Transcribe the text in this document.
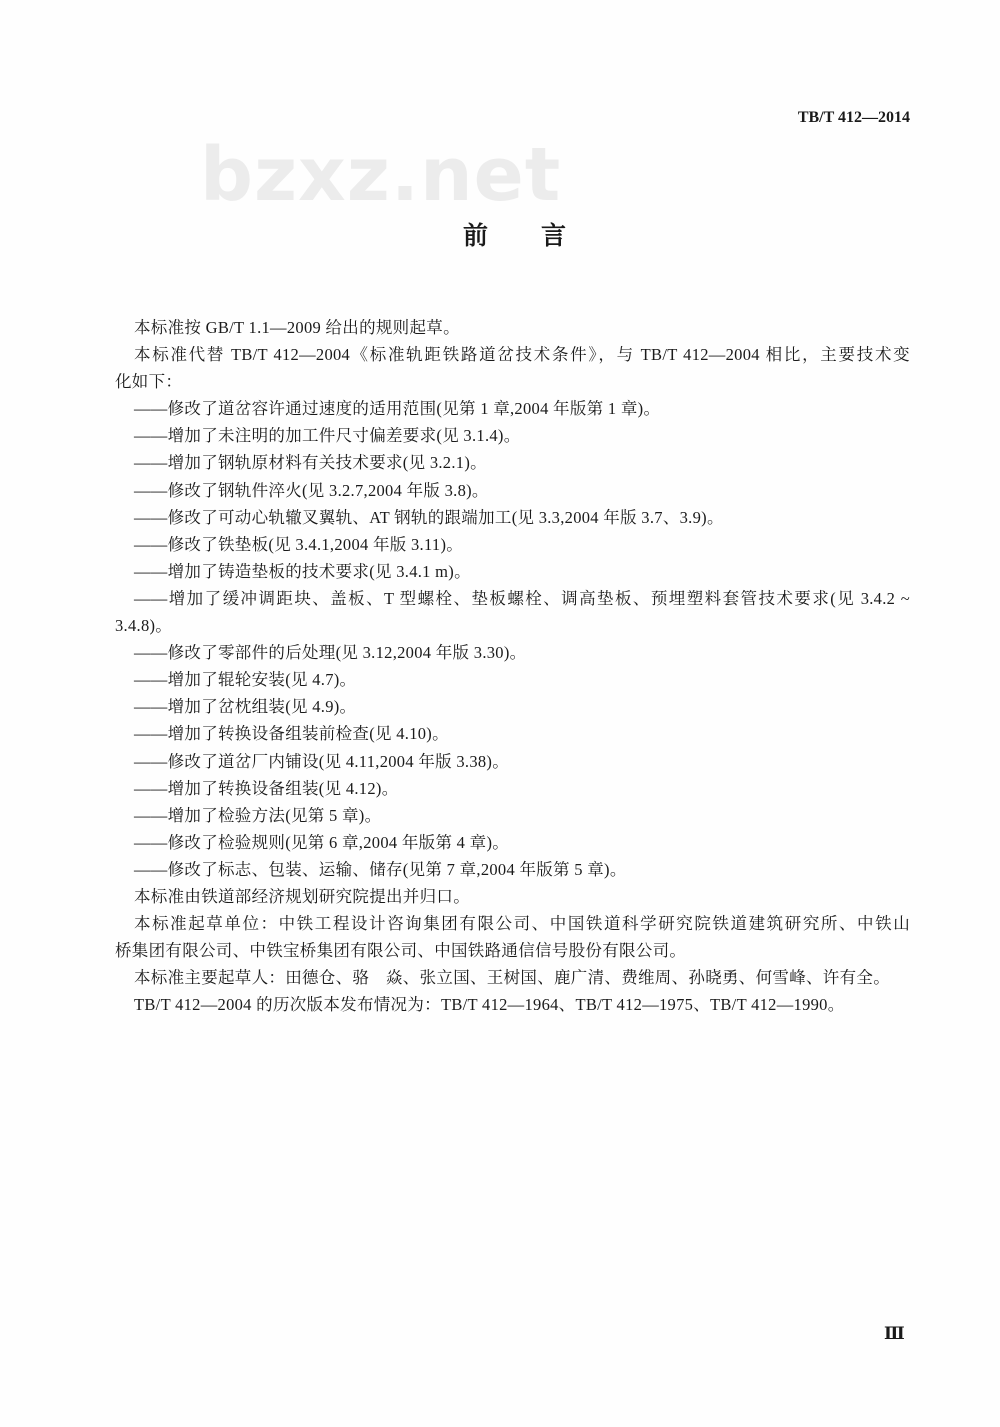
TB/T 412—2014
bzxz.net
前　言
本标准按 GB/T 1.1—2009 给出的规则起草。
本标准代替 TB/T 412—2004《标准轨距铁路道岔技术条件》，与 TB/T 412—2004 相比，主要技术变
化如下：
——修改了道岔容许通过速度的适用范围(见第 1 章,2004 年版第 1 章)。
——增加了未注明的加工件尺寸偏差要求(见 3.1.4)。
——增加了钢轨原材料有关技术要求(见 3.2.1)。
——修改了钢轨件淬火(见 3.2.7,2004 年版 3.8)。
——修改了可动心轨辙叉翼轨、AT 钢轨的跟端加工(见 3.3,2004 年版 3.7、3.9)。
——修改了铁垫板(见 3.4.1,2004 年版 3.11)。
——增加了铸造垫板的技术要求(见 3.4.1 m)。
——增加了缓冲调距块、盖板、T 型螺栓、垫板螺栓、调高垫板、预埋塑料套管技术要求(见 3.4.2 ~
3.4.8)。
——修改了零部件的后处理(见 3.12,2004 年版 3.30)。
——增加了辊轮安装(见 4.7)。
——增加了岔枕组装(见 4.9)。
——增加了转换设备组装前检查(见 4.10)。
——修改了道岔厂内铺设(见 4.11,2004 年版 3.38)。
——增加了转换设备组装(见 4.12)。
——增加了检验方法(见第 5 章)。
——修改了检验规则(见第 6 章,2004 年版第 4 章)。
——修改了标志、包装、运输、储存(见第 7 章,2004 年版第 5 章)。
本标准由铁道部经济规划研究院提出并归口。
本标准起草单位：中铁工程设计咨询集团有限公司、中国铁道科学研究院铁道建筑研究所、中铁山
桥集团有限公司、中铁宝桥集团有限公司、中国铁路通信信号股份有限公司。
本标准主要起草人：田德仓、骆　焱、张立国、王树国、鹿广清、费维周、孙晓勇、何雪峰、许有全。
TB/T 412—2004 的历次版本发布情况为：TB/T 412—1964、TB/T 412—1975、TB/T 412—1990。
Ⅲ
